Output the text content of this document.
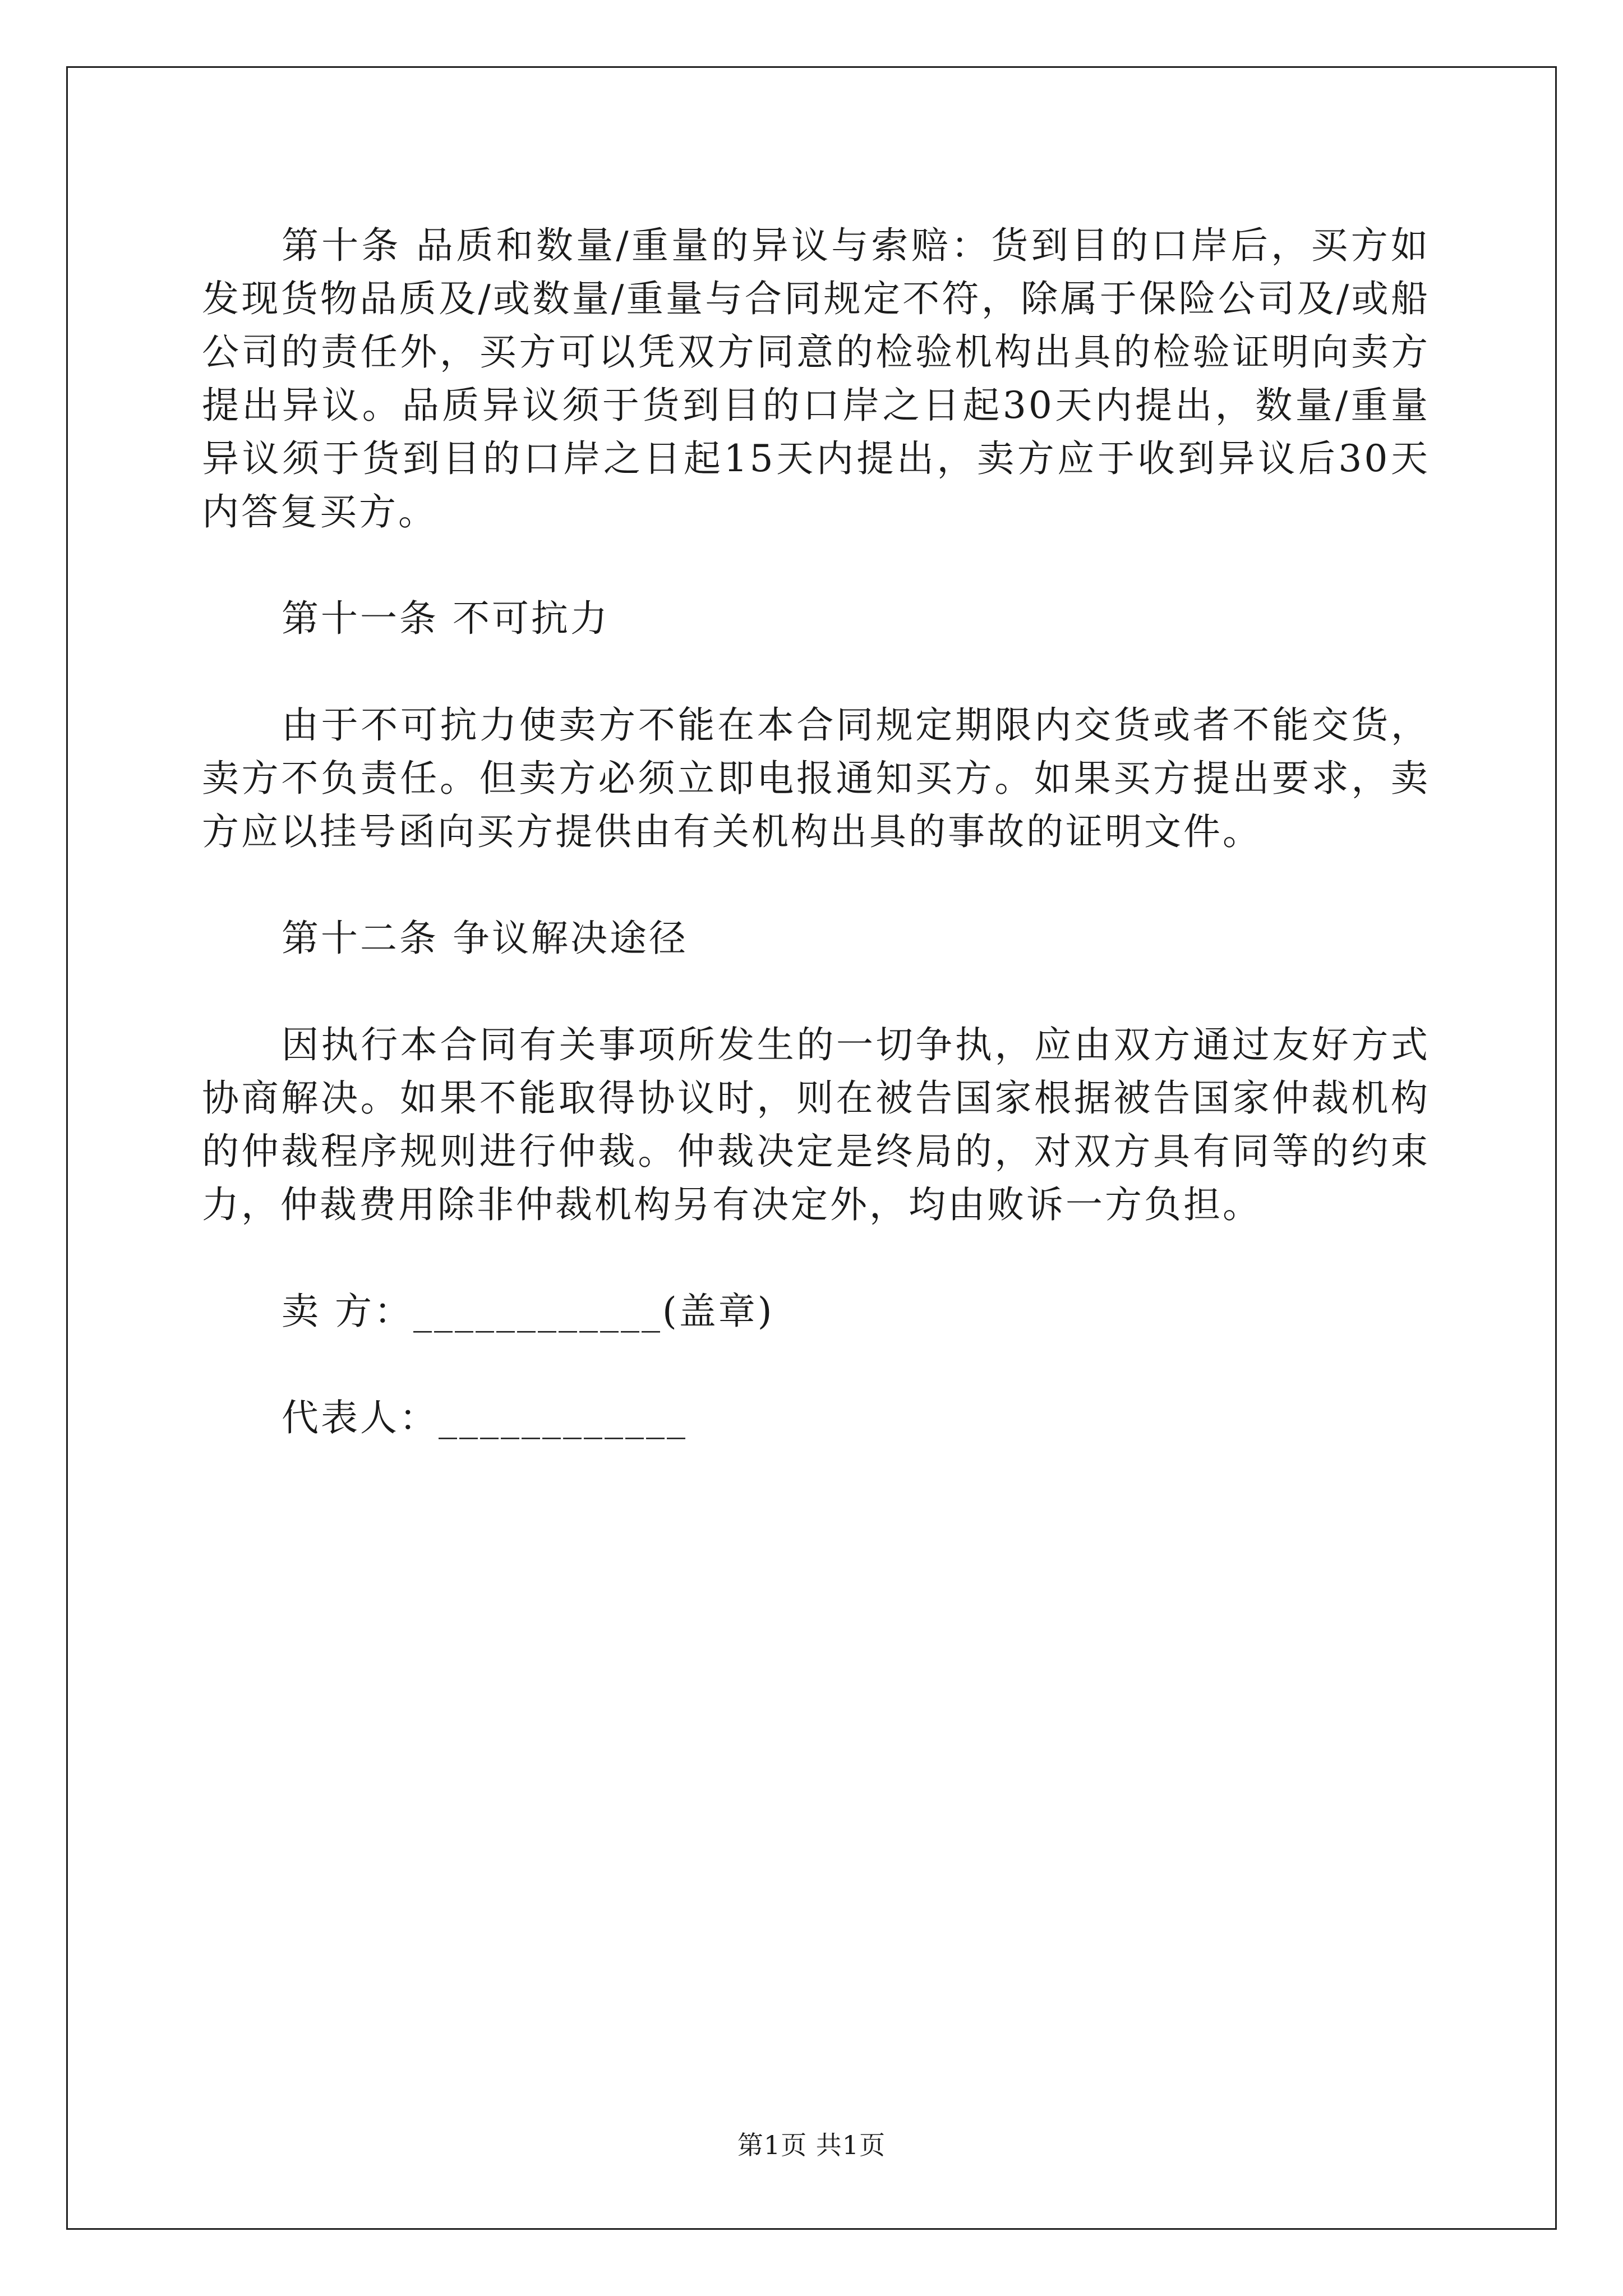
第十条 品质和数量/重量的异议与索赔：货到目的口岸后，买方如发现货物品质及/或数量/重量与合同规定不符，除属于保险公司及/或船公司的责任外，买方可以凭双方同意的检验机构出具的检验证明向卖方提出异议。品质异议须于货到目的口岸之日起30天内提出，数量/重量异议须于货到目的口岸之日起15天内提出，卖方应于收到异议后30天内答复买方。

第十一条 不可抗力

由于不可抗力使卖方不能在本合同规定期限内交货或者不能交货，卖方不负责任。但卖方必须立即电报通知买方。如果买方提出要求，卖方应以挂号函向买方提供由有关机构出具的事故的证明文件。

第十二条 争议解决途径

因执行本合同有关事项所发生的一切争执，应由双方通过友好方式协商解决。如果不能取得协议时，则在被告国家根据被告国家仲裁机构的仲裁程序规则进行仲裁。仲裁决定是终局的，对双方具有同等的约束力，仲裁费用除非仲裁机构另有决定外，均由败诉一方负担。

卖 方：____________(盖章)

代表人：____________

第1页 共1页
